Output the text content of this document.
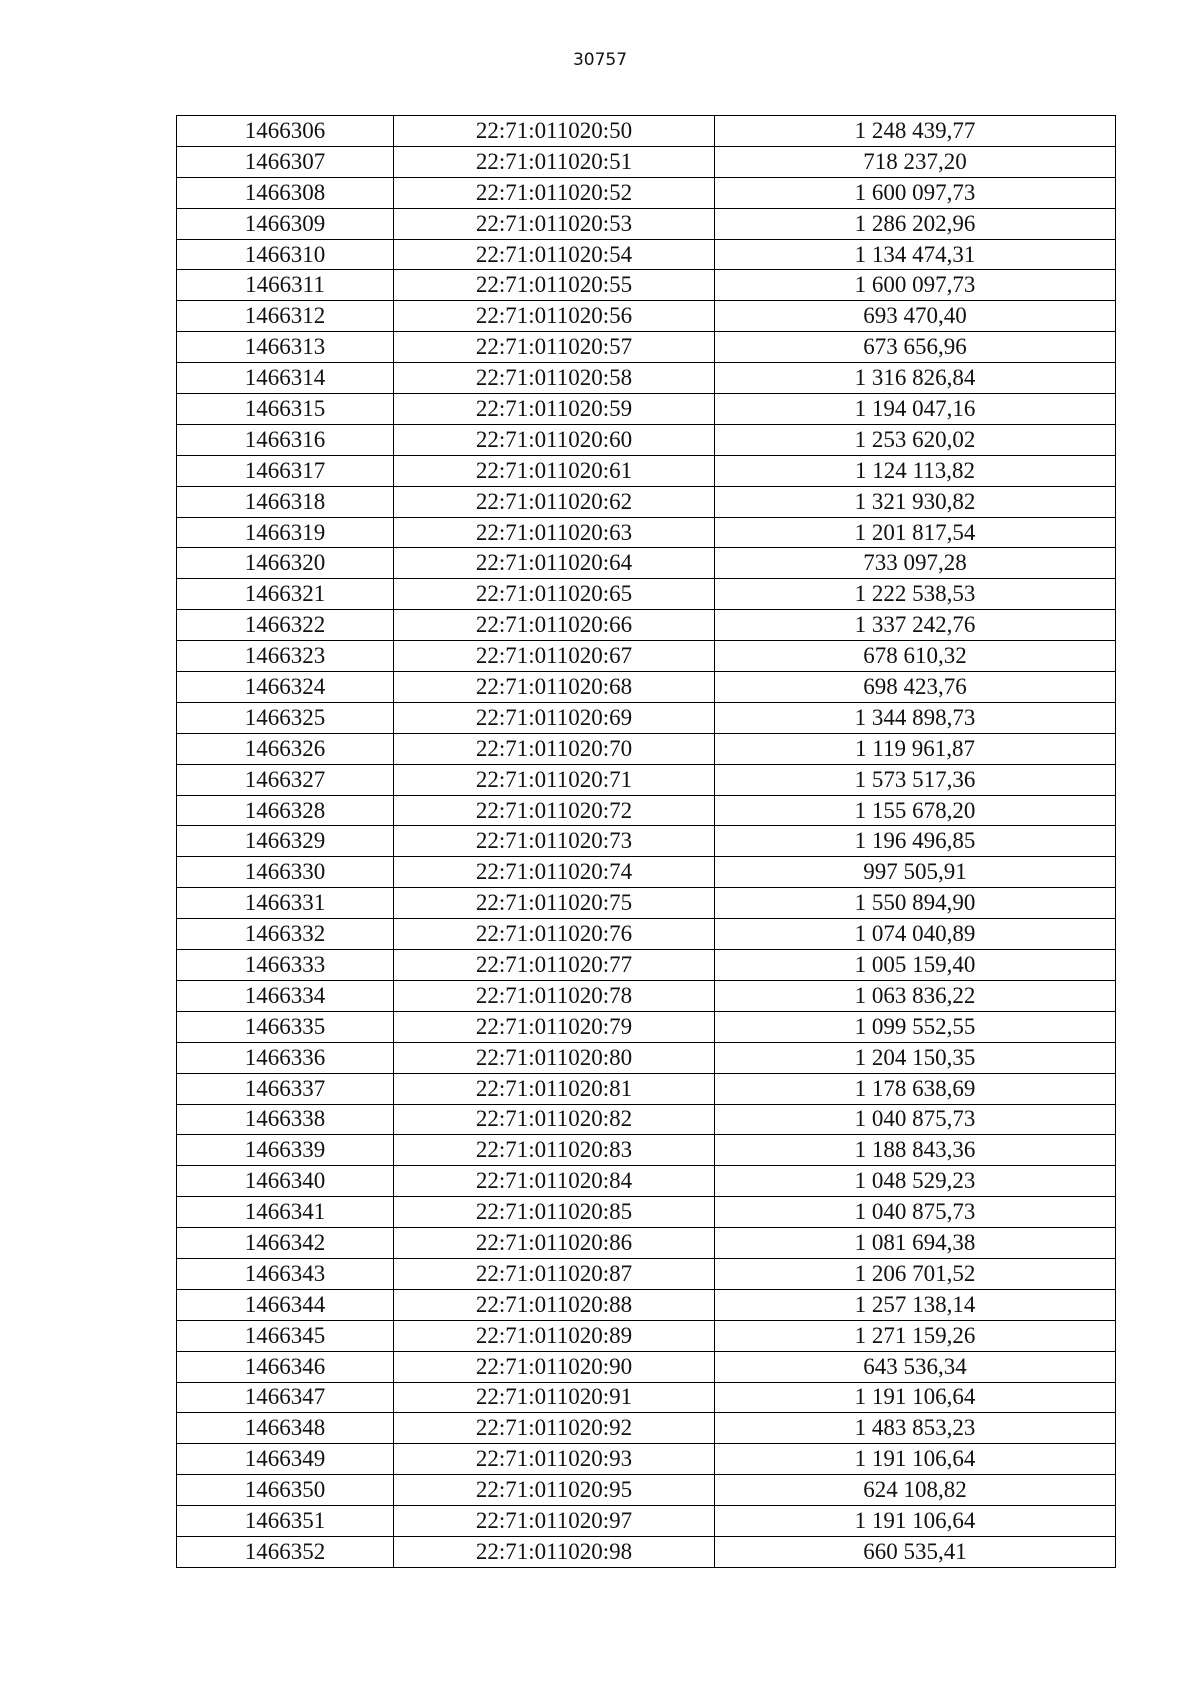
30757
1466306	22:71:011020:50	1 248 439,77
1466307	22:71:011020:51	718 237,20
1466308	22:71:011020:52	1 600 097,73
1466309	22:71:011020:53	1 286 202,96
1466310	22:71:011020:54	1 134 474,31
1466311	22:71:011020:55	1 600 097,73
1466312	22:71:011020:56	693 470,40
1466313	22:71:011020:57	673 656,96
1466314	22:71:011020:58	1 316 826,84
1466315	22:71:011020:59	1 194 047,16
1466316	22:71:011020:60	1 253 620,02
1466317	22:71:011020:61	1 124 113,82
1466318	22:71:011020:62	1 321 930,82
1466319	22:71:011020:63	1 201 817,54
1466320	22:71:011020:64	733 097,28
1466321	22:71:011020:65	1 222 538,53
1466322	22:71:011020:66	1 337 242,76
1466323	22:71:011020:67	678 610,32
1466324	22:71:011020:68	698 423,76
1466325	22:71:011020:69	1 344 898,73
1466326	22:71:011020:70	1 119 961,87
1466327	22:71:011020:71	1 573 517,36
1466328	22:71:011020:72	1 155 678,20
1466329	22:71:011020:73	1 196 496,85
1466330	22:71:011020:74	997 505,91
1466331	22:71:011020:75	1 550 894,90
1466332	22:71:011020:76	1 074 040,89
1466333	22:71:011020:77	1 005 159,40
1466334	22:71:011020:78	1 063 836,22
1466335	22:71:011020:79	1 099 552,55
1466336	22:71:011020:80	1 204 150,35
1466337	22:71:011020:81	1 178 638,69
1466338	22:71:011020:82	1 040 875,73
1466339	22:71:011020:83	1 188 843,36
1466340	22:71:011020:84	1 048 529,23
1466341	22:71:011020:85	1 040 875,73
1466342	22:71:011020:86	1 081 694,38
1466343	22:71:011020:87	1 206 701,52
1466344	22:71:011020:88	1 257 138,14
1466345	22:71:011020:89	1 271 159,26
1466346	22:71:011020:90	643 536,34
1466347	22:71:011020:91	1 191 106,64
1466348	22:71:011020:92	1 483 853,23
1466349	22:71:011020:93	1 191 106,64
1466350	22:71:011020:95	624 108,82
1466351	22:71:011020:97	1 191 106,64
1466352	22:71:011020:98	660 535,41
